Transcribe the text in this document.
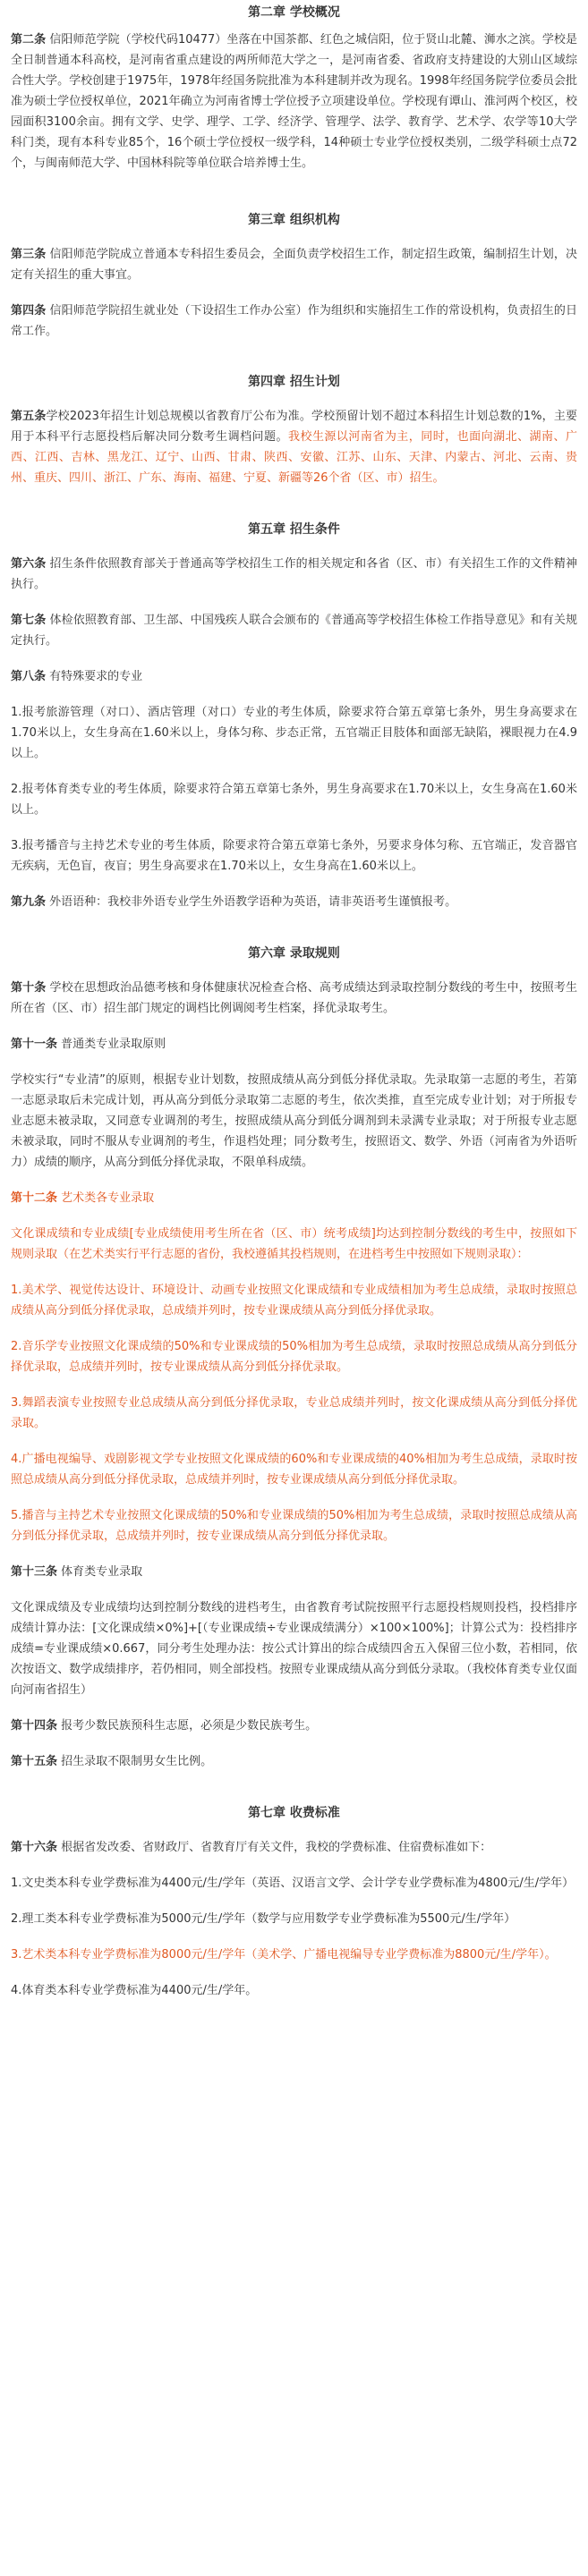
第二章 学校概况

第二条 信阳师范学院（学校代码10477）坐落在中国茶都、红色之城信阳，位于贤山北麓、浉水之滨。学校是全日制普通本科高校，是河南省重点建设的两所师范大学之一，是河南省委、省政府支持建设的大别山区域综合性大学。学校创建于1975年，1978年经国务院批准为本科建制并改为现名。1998年经国务院学位委员会批准为硕士学位授权单位，2021年确立为河南省博士学位授予立项建设单位。学校现有谭山、淮河两个校区，校园面积3100余亩。拥有文学、史学、理学、工学、经济学、管理学、法学、教育学、艺术学、农学等10大学科门类，现有本科专业85个，16个硕士学位授权一级学科，14种硕士专业学位授权类别，二级学科硕士点72个，与闽南师范大学、中国林科院等单位联合培养博士生。

第三章 组织机构

第三条 信阳师范学院成立普通本专科招生委员会，全面负责学校招生工作，制定招生政策，编制招生计划，决定有关招生的重大事宜。

第四条 信阳师范学院招生就业处（下设招生工作办公室）作为组织和实施招生工作的常设机构，负责招生的日常工作。

第四章 招生计划

第五条学校2023年招生计划总规模以省教育厅公布为准。学校预留计划不超过本科招生计划总数的1%，主要用于本科平行志愿投档后解决同分数考生调档问题。我校生源以河南省为主，同时，也面向湖北、湖南、广西、江西、吉林、黑龙江、辽宁、山西、甘肃、陕西、安徽、江苏、山东、天津、内蒙古、河北、云南、贵州、重庆、四川、浙江、广东、海南、福建、宁夏、新疆等26个省（区、市）招生。

第五章 招生条件

第六条 招生条件依照教育部关于普通高等学校招生工作的相关规定和各省（区、市）有关招生工作的文件精神执行。

第七条 体检依照教育部、卫生部、中国残疾人联合会颁布的《普通高等学校招生体检工作指导意见》和有关规定执行。

第八条 有特殊要求的专业

1.报考旅游管理（对口）、酒店管理（对口）专业的考生体质，除要求符合第五章第七条外，男生身高要求在1.70米以上，女生身高在1.60米以上，身体匀称、步态正常，五官端正目肢体和面部无缺陷，裸眼视力在4.9以上。

2.报考体育类专业的考生体质，除要求符合第五章第七条外，男生身高要求在1.70米以上，女生身高在1.60米以上。

3.报考播音与主持艺术专业的考生体质，除要求符合第五章第七条外，另要求身体匀称、五官端正，发音器官无疾病，无色盲，夜盲；男生身高要求在1.70米以上，女生身高在1.60米以上。

第九条 外语语种：我校非外语专业学生外语教学语种为英语，请非英语考生谨慎报考。

第六章 录取规则

第十条 学校在思想政治品德考核和身体健康状况检查合格、高考成绩达到录取控制分数线的考生中，按照考生所在省（区、市）招生部门规定的调档比例调阅考生档案，择优录取考生。

第十一条 普通类专业录取原则

学校实行“专业清”的原则，根据专业计划数，按照成绩从高分到低分择优录取。先录取第一志愿的考生，若第一志愿录取后未完成计划，再从高分到低分录取第二志愿的考生，依次类推，直至完成专业计划；对于所报专业志愿未被录取，又同意专业调剂的考生，按照成绩从高分到低分调剂到未录满专业录取；对于所报专业志愿未被录取，同时不服从专业调剂的考生，作退档处理；同分数考生，按照语文、数学、外语（河南省为外语听力）成绩的顺序，从高分到低分择优录取，不限单科成绩。

第十二条 艺术类各专业录取

文化课成绩和专业成绩[专业成绩使用考生所在省（区、市）统考成绩]均达到控制分数线的考生中，按照如下规则录取（在艺术类实行平行志愿的省份，我校遵循其投档规则，在进档考生中按照如下规则录取）：

1.美术学、视觉传达设计、环境设计、动画专业按照文化课成绩和专业成绩相加为考生总成绩，录取时按照总成绩从高分到低分择优录取，总成绩并列时，按专业课成绩从高分到低分择优录取。

2.音乐学专业按照文化课成绩的50%和专业课成绩的50%相加为考生总成绩，录取时按照总成绩从高分到低分择优录取，总成绩并列时，按专业课成绩从高分到低分择优录取。

3.舞蹈表演专业按照专业总成绩从高分到低分择优录取，专业总成绩并列时，按文化课成绩从高分到低分择优录取。

4.广播电视编导、戏剧影视文学专业按照文化课成绩的60%和专业课成绩的40%相加为考生总成绩，录取时按照总成绩从高分到低分择优录取，总成绩并列时，按专业课成绩从高分到低分择优录取。

5.播音与主持艺术专业按照文化课成绩的50%和专业课成绩的50%相加为考生总成绩，录取时按照总成绩从高分到低分择优录取，总成绩并列时，按专业课成绩从高分到低分择优录取。

第十三条 体育类专业录取

文化课成绩及专业成绩均达到控制分数线的进档考生，由省教育考试院按照平行志愿投档规则投档，投档排序成绩计算办法：[文化课成绩×0%]+[（专业课成绩÷专业课成绩满分）×100×100%]；计算公式为：投档排序成绩=专业课成绩×0.667，同分考生处理办法：按公式计算出的综合成绩四舍五入保留三位小数，若相同，依次按语文、数学成绩排序，若仍相同，则全部投档。按照专业课成绩从高分到低分录取。（我校体育类专业仅面向河南省招生）

第十四条 报考少数民族预科生志愿，必须是少数民族考生。

第十五条 招生录取不限制男女生比例。

第七章 收费标准

第十六条 根据省发改委、省财政厅、省教育厅有关文件，我校的学费标准、住宿费标准如下：

1.文史类本科专业学费标准为4400元/生/学年（英语、汉语言文学、会计学专业学费标准为4800元/生/学年）

2.理工类本科专业学费标准为5000元/生/学年（数学与应用数学专业学费标准为5500元/生/学年）

3.艺术类本科专业学费标准为8000元/生/学年（美术学、广播电视编导专业学费标准为8800元/生/学年）。

4.体育类本科专业学费标准为4400元/生/学年。
